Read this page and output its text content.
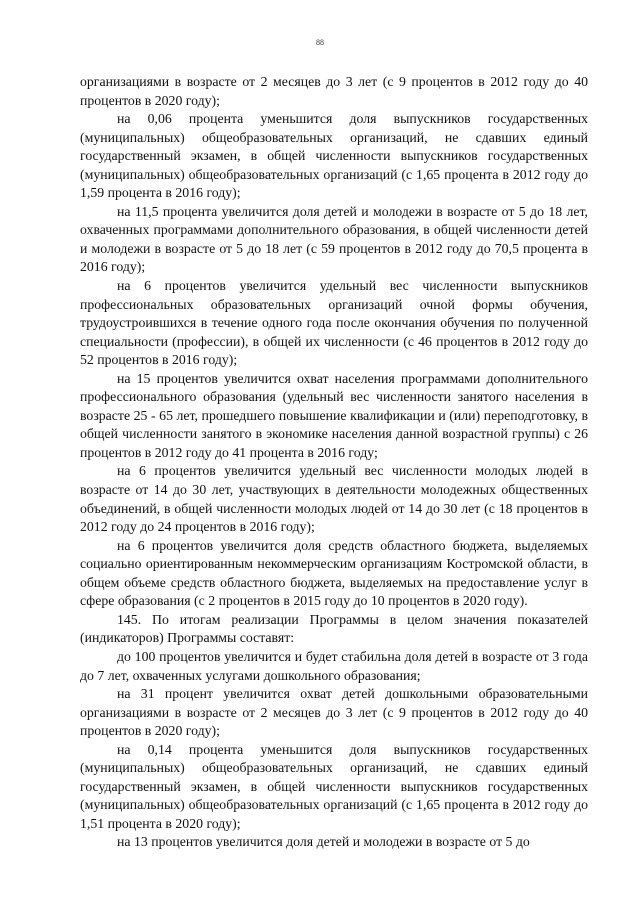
88

организациями в возрасте от 2 месяцев до 3 лет (с 9 процентов в 2012 году до 40 процентов в 2020 году);

на 0,06 процента уменьшится доля выпускников государственных (муниципальных) общеобразовательных организаций, не сдавших единый государственный экзамен, в общей численности выпускников государственных (муниципальных) общеобразовательных организаций (с 1,65 процента в 2012 году до 1,59 процента в 2016 году);

на 11,5 процента увеличится доля детей и молодежи в возрасте от 5 до 18 лет, охваченных программами дополнительного образования, в общей численности детей и молодежи в возрасте от 5 до 18 лет (с 59 процентов в 2012 году до 70,5 процента в 2016 году);

на 6 процентов увеличится удельный вес численности выпускников профессиональных образовательных организаций очной формы обучения, трудоустроившихся в течение одного года после окончания обучения по полученной специальности (профессии), в общей их численности (с 46 процентов в 2012 году до 52 процентов в 2016 году);

на 15 процентов увеличится охват населения программами дополнительного профессионального образования (удельный вес численности занятого населения в возрасте 25 - 65 лет, прошедшего повышение квалификации и (или) переподготовку, в общей численности занятого в экономике населения данной возрастной группы) с 26 процентов в 2012 году до 41 процента в 2016 году;

на 6 процентов увеличится удельный вес численности молодых людей в возрасте от 14 до 30 лет, участвующих в деятельности молодежных общественных объединений, в общей численности молодых людей от 14 до 30 лет (с 18 процентов в 2012 году до 24 процентов в 2016 году);

на 6 процентов увеличится доля средств областного бюджета, выделяемых социально ориентированным некоммерческим организациям Костромской области, в общем объеме средств областного бюджета, выделяемых на предоставление услуг в сфере образования (с 2 процентов в 2015 году до 10 процентов в 2020 году).

145. По итогам реализации Программы в целом значения показателей (индикаторов) Программы составят:

до 100 процентов увеличится и будет стабильна доля детей в возрасте от 3 года до 7 лет, охваченных услугами дошкольного образования;

на 31 процент увеличится охват детей дошкольными образовательными организациями в возрасте от 2 месяцев до 3 лет (с 9 процентов в 2012 году до 40 процентов в 2020 году);

на 0,14 процента уменьшится доля выпускников государственных (муниципальных) общеобразовательных организаций, не сдавших единый государственный экзамен, в общей численности выпускников государственных (муниципальных) общеобразовательных организаций (с 1,65 процента в 2012 году до 1,51 процента в 2020 году);

на 13 процентов увеличится доля детей и молодежи в возрасте от 5 до
